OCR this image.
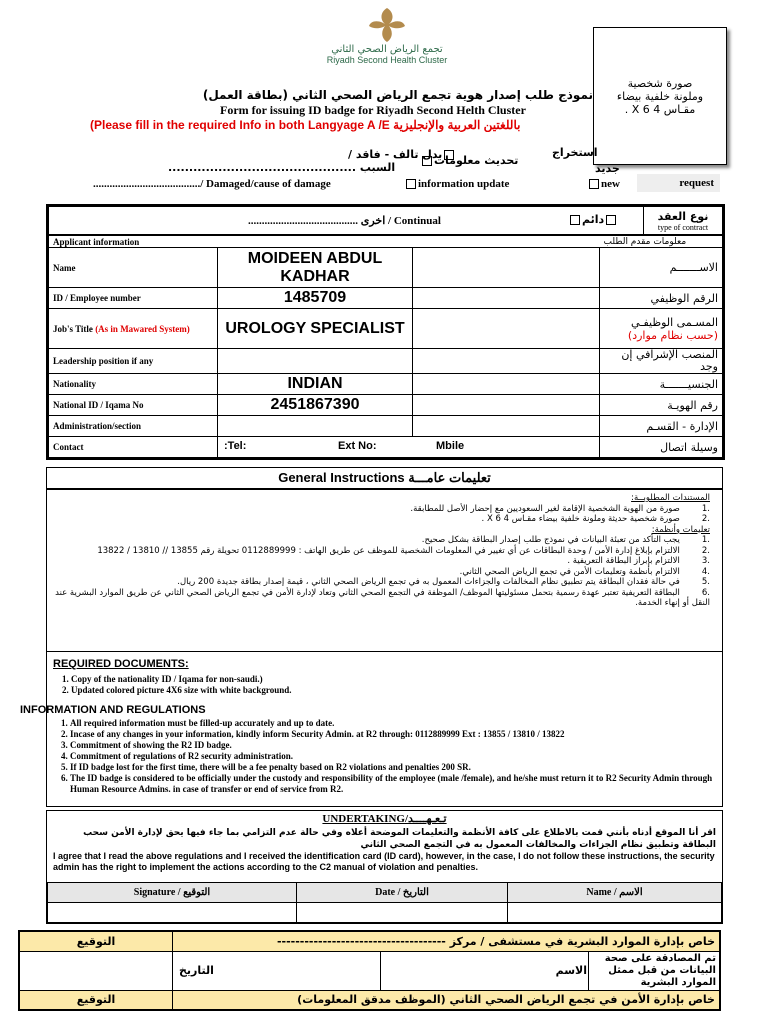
تجمع الرياض الصحي الثاني
Riyadh Second Health Cluster
صورة شخصية
وملونة خلفية بيضاء
مقـاس 4 6 X .
نموذج طلب إصدار هوية تجمع الرياض الصحي الثاني (بطاقة العمل)
Form for issuing ID badge for Riyadh Second Helth Cluster
(Please fill in the required Info in both Langyage A /E باللغتين العربية والإنجليزية
بدل تالف - فاقد /
السبب .............................................
تحديث معلومات
استخراج
جديد
......................................./ Damaged/cause of damage	information update	new	request
........................................ اخرى / Continual	دائم	نوع العقد
type of contract
Applicant information			معلومات مقدم الطلب
Name	MOIDEEN ABDUL KADHAR		الاســـــــم
ID / Employee number	1485709		الرقم الوظيفي
Job's Title (As in Mawared System)	UROLOGY SPECIALIST		المسـمى الوظيفـي
(حسب نظام موارد)

Leadership position if any			المنصب الإشرافي إن وجد
Nationality	INDIAN		الجنسيـــــــة
National ID / Iqama No	2451867390		رقم الهويـة
Administration/section			الإدارة - القسـم
Contact	:Tel: Ext No: Mbile		وسيلة اتصال
General Instructions تعليمات عامـــة
المستندات المطلوبــة:
.1صورة من الهوية الشخصية الإقامة لغير السعوديين مع إحضار الأصل للمطابقة.
.2صورة شخصية حديثة وملونة خلفية بيضاء مقـاس 4 6 X .
تعليمات وأنظمة:
.1يجب التأكد من تعبئة البيانات في نموذج طلب إصدار البطاقة بشكل صحيح.
.2الالتزام بإبلاغ إدارة الأمن / وحدة البطاقات عن أي تغيير في المعلومات الشخصية للموظف عن طريق الهاتف : 0112889999 تحويلة رقم 13855 // 13810 / 13822
.3الالتزام بإبراز البطاقة التعريفية .
.4الالتزام بأنظمة وتعليمات الأمن في تجمع الرياض الصحي الثاني.
.5في حالة فقدان البطاقة يتم تطبيق نظام المخالفات والجزاءات المعمول به في تجمع الرياض الصحي الثاني ، قيمة إصدار بطاقة جديدة 200 ريال.
.6البطاقة التعريفية تعتبر عهدة رسمية بتحمل مسئوليتها الموظف/ الموظفة في التجمع الصحي الثاني وتعاد لإدارة الأمن في تجمع الرياض الصحي الثاني عن طريق الموارد البشرية عند النقل أو إنهاء الخدمة.
REQUIRED DOCUMENTS:
1. Copy of the nationality ID / Iqama for non-saudi.)
2. Updated colored picture 4X6 size with white background.
INFORMATION AND REGULATIONS
1. All required information must be filled-up accurately and up to date.
2. Incase of any changes in your information, kindly inform Security Admin. at R2 through: 0112889999 Ext : 13855 / 13810 / 13822
3. Commitment of showing the R2 ID badge.
4. Commitment of regulations of R2 security administration.
5. If ID badge lost for the first time, there will be a fee penalty based on R2 violations and penalties 200 SR.
6. The ID badge is considered to be officially under the custody and responsibility of the employee (male /female), and he/she must return it to R2 Security Admin through Human Resource Admins. in case of transfer or end of service from R2.
UNDERTAKING/تـعـهــــد
اقر أنا الموقع أدناه بأنني قمت بالاطلاع على كافة الأنظمة والتعليمات الموضحة أعلاه وفي حالة عدم التزامي بما جاء فيها يحق لإدارة الأمن سحب البطاقة وتطبيق نظام الجزاءات والمخالفات المعمول به في التجمع الصحي الثاني
I agree that I read the above regulations and I received the identification card (ID card), however, in the case, I do not follow these instructions, the security admin has the right to implement the actions according to the C2 manual of violation and penalties.
Signature / التوقيع	Date / التاريخ	Name / الاسم

التوقيع	خاص بإدارة الموارد البشرية في مستشفى / مركز -------------------------------------		
	التاريخ	الاسم	تم المصادقة على صحة البيانات من قبل ممثل الموارد البشرية
التوقيع	خاص بإدارة الأمن في تجمع الرياض الصحي الثاني (الموظف مدقق المعلومات)		
